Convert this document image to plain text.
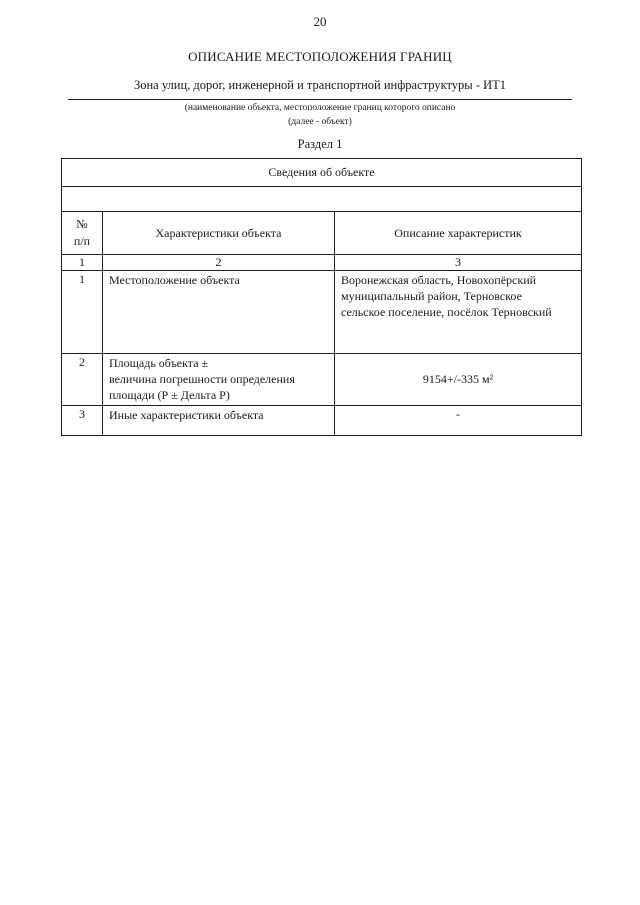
20
ОПИСАНИЕ МЕСТОПОЛОЖЕНИЯ ГРАНИЦ
Зона улиц, дорог, инженерной и транспортной инфраструктуры - ИТ1
(наименование объекта, местоположение границ которого описано
(далее - объект)
Раздел 1
Сведения об объекте		

№
п/п	Характеристики объекта	Описание характеристик
1	2	3
1	Местоположение объекта	Воронежская область, Новохопёрский
муниципальный район, Терновское
сельское поселение, посёлок Терновский

2	Площадь объекта ±
величина погрешности определения
площади (Р ± Дельта Р)	9154+/-335 м²

3	Иные характеристики объекта	-
